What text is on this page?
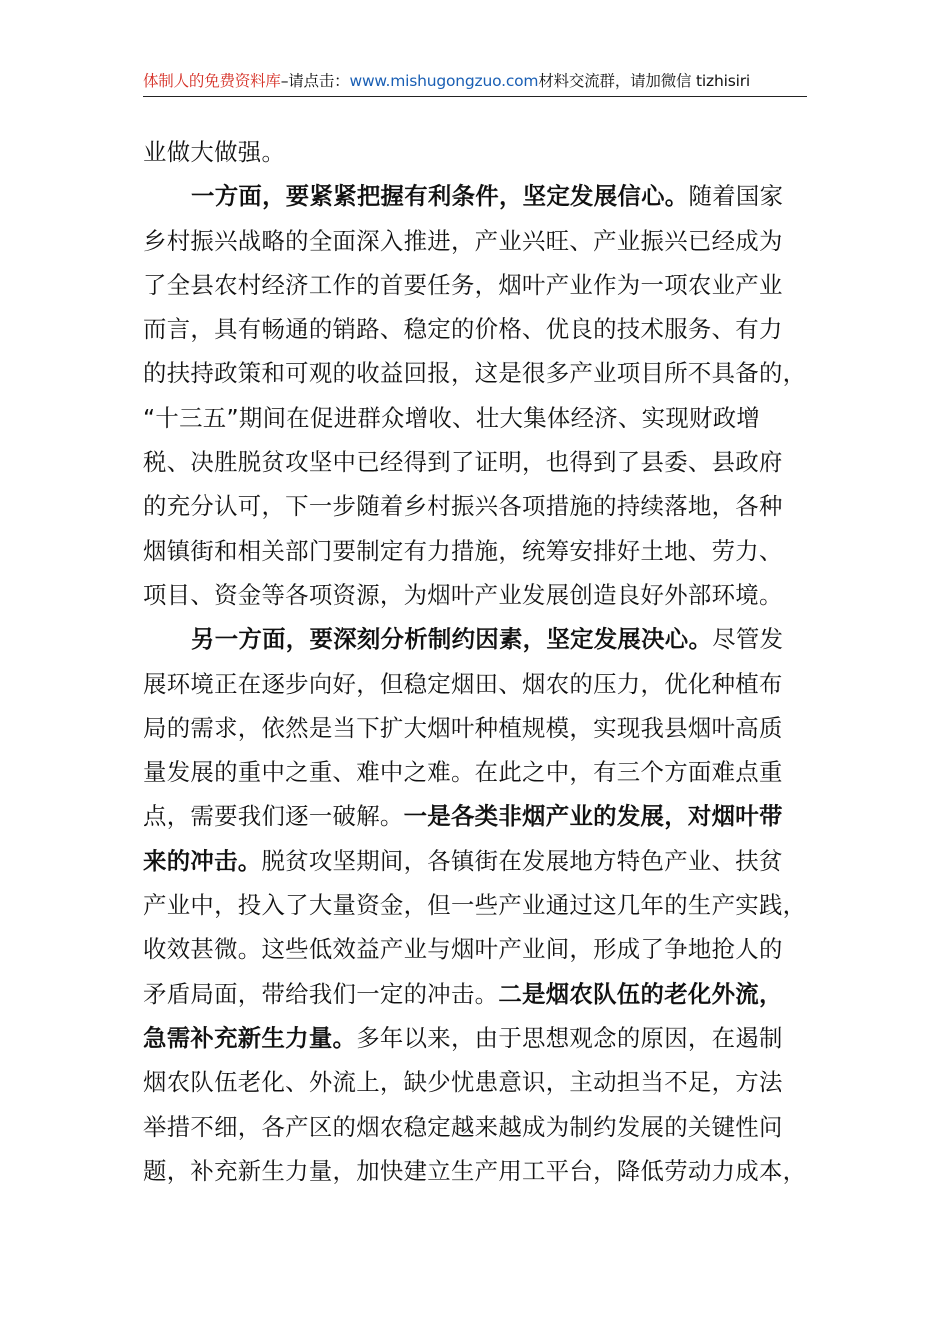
体制人的免费资料库–请点击：www.mishugongzuo.com材料交流群，请加微信 tizhisiri
业做大做强。
一方面，要紧紧把握有利条件，坚定发展信心。随着国家
乡村振兴战略的全面深入推进，产业兴旺、产业振兴已经成为
了全县农村经济工作的首要任务，烟叶产业作为一项农业产业
而言，具有畅通的销路、稳定的价格、优良的技术服务、有力
的扶持政策和可观的收益回报，这是很多产业项目所不具备的，
“十三五”期间在促进群众增收、壮大集体经济、实现财政增
税、决胜脱贫攻坚中已经得到了证明，也得到了县委、县政府
的充分认可，下一步随着乡村振兴各项措施的持续落地，各种
烟镇街和相关部门要制定有力措施，统筹安排好土地、劳力、
项目、资金等各项资源，为烟叶产业发展创造良好外部环境。
另一方面，要深刻分析制约因素，坚定发展决心。尽管发
展环境正在逐步向好，但稳定烟田、烟农的压力，优化种植布
局的需求，依然是当下扩大烟叶种植规模，实现我县烟叶高质
量发展的重中之重、难中之难。在此之中，有三个方面难点重
点，需要我们逐一破解。一是各类非烟产业的发展，对烟叶带
来的冲击。脱贫攻坚期间，各镇街在发展地方特色产业、扶贫
产业中，投入了大量资金，但一些产业通过这几年的生产实践，
收效甚微。这些低效益产业与烟叶产业间，形成了争地抢人的
矛盾局面，带给我们一定的冲击。二是烟农队伍的老化外流，
急需补充新生力量。多年以来，由于思想观念的原因，在遏制
烟农队伍老化、外流上，缺少忧患意识，主动担当不足，方法
举措不细，各产区的烟农稳定越来越成为制约发展的关键性问
题，补充新生力量，加快建立生产用工平台，降低劳动力成本，
